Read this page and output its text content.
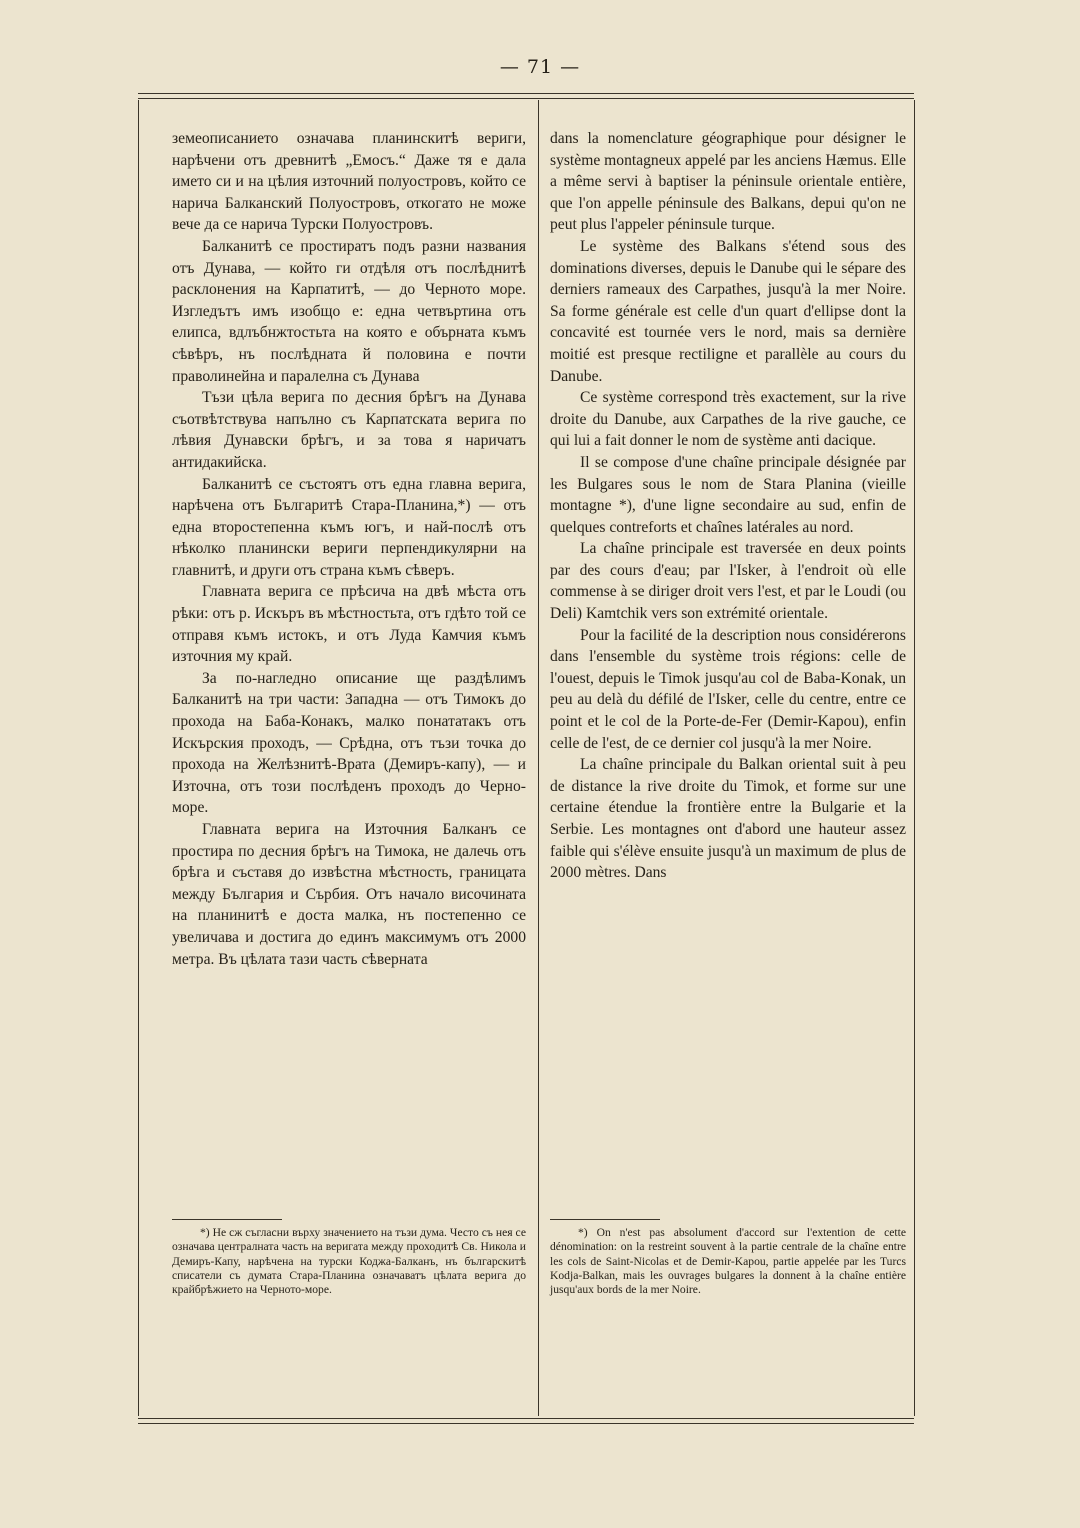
— 71 —

земеописанието означава планинскитѣ вериги, нарѣчени отъ древнитѣ „Емосъ.“ Даже тя е дала името си и на цѣлия източний полуостровъ, който се нарича Балканский Полуостровъ, откогато не може вече да се нарича Турски Полуостровъ.

Балканитѣ се простиратъ подъ разни названия отъ Дунава, — който ги отдѣля отъ послѣднитѣ расклонения на Карпатитѣ, — до Черното море. Изгледътъ имъ изобщо е: една четвъртина отъ елипса, вдлъбнжтостьта на която е обърната къмъ сѣвѣръ, нъ послѣдната й половина е почти праволинейна и паралелна съ Дунава

Тъзи цѣла верига по десния брѣгъ на Дунава съотвѣтствува напълно съ Карпатската верига по лѣвия Дунавски брѣгъ, и за това я наричатъ антидакийска.

Балканитѣ се състоятъ отъ една главна верига, нарѣчена отъ Българитѣ Стара-Планина,*) — отъ една второстепенна къмъ югъ, и най-послѣ отъ нѣколко планински вериги перпендикулярни на главнитѣ, и други отъ страна къмъ сѣверъ.

Главната верига се прѣсича на двѣ мѣста отъ рѣки: отъ р. Искъръ въ мѣстностьта, отъ гдѣто той се отправя къмъ истокъ, и отъ Луда Камчия къмъ източния му край.

За по-нагледно описание ще раздѣлимъ Балканитѣ на три части: Западна — отъ Тимокъ до прохода на Баба-Конакъ, малко понататакъ отъ Искърския проходъ, — Срѣдна, отъ тъзи точка до прохода на Желѣзнитѣ-Врата (Демиръ-капу), — и Източна, отъ този послѣденъ проходъ до Черно-море.

Главната верига на Източния Балканъ се простира по десния брѣгъ на Тимока, не далечь отъ брѣга и съставя до извѣстна мѣстность, границата между България и Сърбия. Отъ начало височината на планинитѣ е доста малка, нъ постепенно се увеличава и достига до единъ максимумъ отъ 2000 метра. Въ цѣлата тази часть сѣверната

dans la nomenclature géographique pour désigner le système montagneux appelé par les anciens Hæmus. Elle a même servi à baptiser la péninsule orientale entière, que l'on appelle péninsule des Balkans, depui qu'on ne peut plus l'appeler péninsule turque.

Le système des Balkans s'étend sous des dominations diverses, depuis le Danube qui le sépare des derniers rameaux des Carpathes, jusqu'à la mer Noire. Sa forme générale est celle d'un quart d'ellipse dont la concavité est tournée vers le nord, mais sa dernière moitié est presque rectiligne et parallèle au cours du Danube.

Ce système correspond très exactement, sur la rive droite du Danube, aux Carpathes de la rive gauche, ce qui lui a fait donner le nom de système anti dacique.

Il se compose d'une chaîne principale désignée par les Bulgares sous le nom de Stara Planina (vieille montagne *), d'une ligne secondaire au sud, enfin de quelques contreforts et chaînes latérales au nord.

La chaîne principale est traversée en deux points par des cours d'eau; par l'Isker, à l'endroit où elle commense à se diriger droit vers l'est, et par le Loudi (ou Deli) Kamtchik vers son extrémité orientale.

Pour la facilité de la description nous considérerons dans l'ensemble du système trois régions: celle de l'ouest, depuis le Timok jusqu'au col de Baba-Konak, un peu au delà du défilé de l'Isker, celle du centre, entre ce point et le col de la Porte-de-Fer (Demir-Kapou), enfin celle de l'est, de ce dernier col jusqu'à la mer Noire.

La chaîne principale du Balkan oriental suit à peu de distance la rive droite du Timok, et forme sur une certaine étendue la frontière entre la Bulgarie et la Serbie. Les montagnes ont d'abord une hauteur assez faible qui s'élève ensuite jusqu'à un maximum de plus de 2000 mètres. Dans

*) Не сж съгласни върху значението на тъзи дума. Често съ нея се означава централната часть на веригата между проходитѣ Св. Никола и Демиръ-Капу, нарѣчена на турски Коджа-Балканъ, нъ българскитѣ списатели съ думата Стара-Планина означаватъ цѣлата верига до крайбрѣжието на Черното-море.
*) On n'est pas absolument d'accord sur l'extention de cette dénomination: on la restreint souvent à la partie centrale de la chaîne entre les cols de Saint-Nicolas et de Demir-Kapou, partie appelée par les Turcs Kodja-Balkan, mais les ouvrages bulgares la donnent à la chaîne entière jusqu'aux bords de la mer Noire.
